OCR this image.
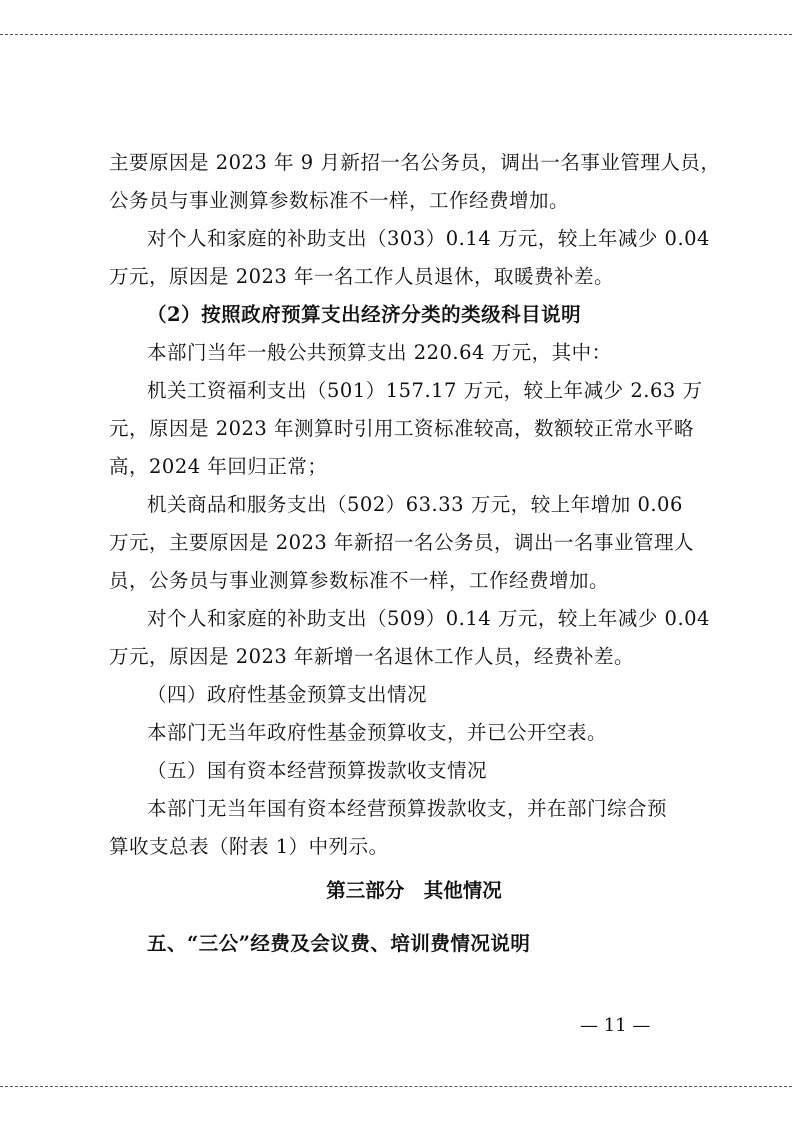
主要原因是 2023 年 9 月新招一名公务员，调出一名事业管理人员，
公务员与事业测算参数标准不一样，工作经费增加。
对个人和家庭的补助支出（303）0.14 万元，较上年减少 0.04
万元，原因是 2023 年一名工作人员退休，取暖费补差。
（2）按照政府预算支出经济分类的类级科目说明
本部门当年一般公共预算支出 220.64 万元，其中：
机关工资福利支出（501）157.17 万元，较上年减少 2.63 万
元，原因是 2023 年测算时引用工资标准较高，数额较正常水平略
高，2024 年回归正常；
机关商品和服务支出（502）63.33 万元，较上年增加 0.06
万元，主要原因是 2023 年新招一名公务员，调出一名事业管理人
员，公务员与事业测算参数标准不一样，工作经费增加。
对个人和家庭的补助支出（509）0.14 万元，较上年减少 0.04
万元，原因是 2023 年新增一名退休工作人员，经费补差。
（四）政府性基金预算支出情况
本部门无当年政府性基金预算收支，并已公开空表。
（五）国有资本经营预算拨款收支情况
本部门无当年国有资本经营预算拨款收支，并在部门综合预
算收支总表（附表 1）中列示。
第三部分　其他情况
五、“三公”经费及会议费、培训费情况说明
— 11 —
